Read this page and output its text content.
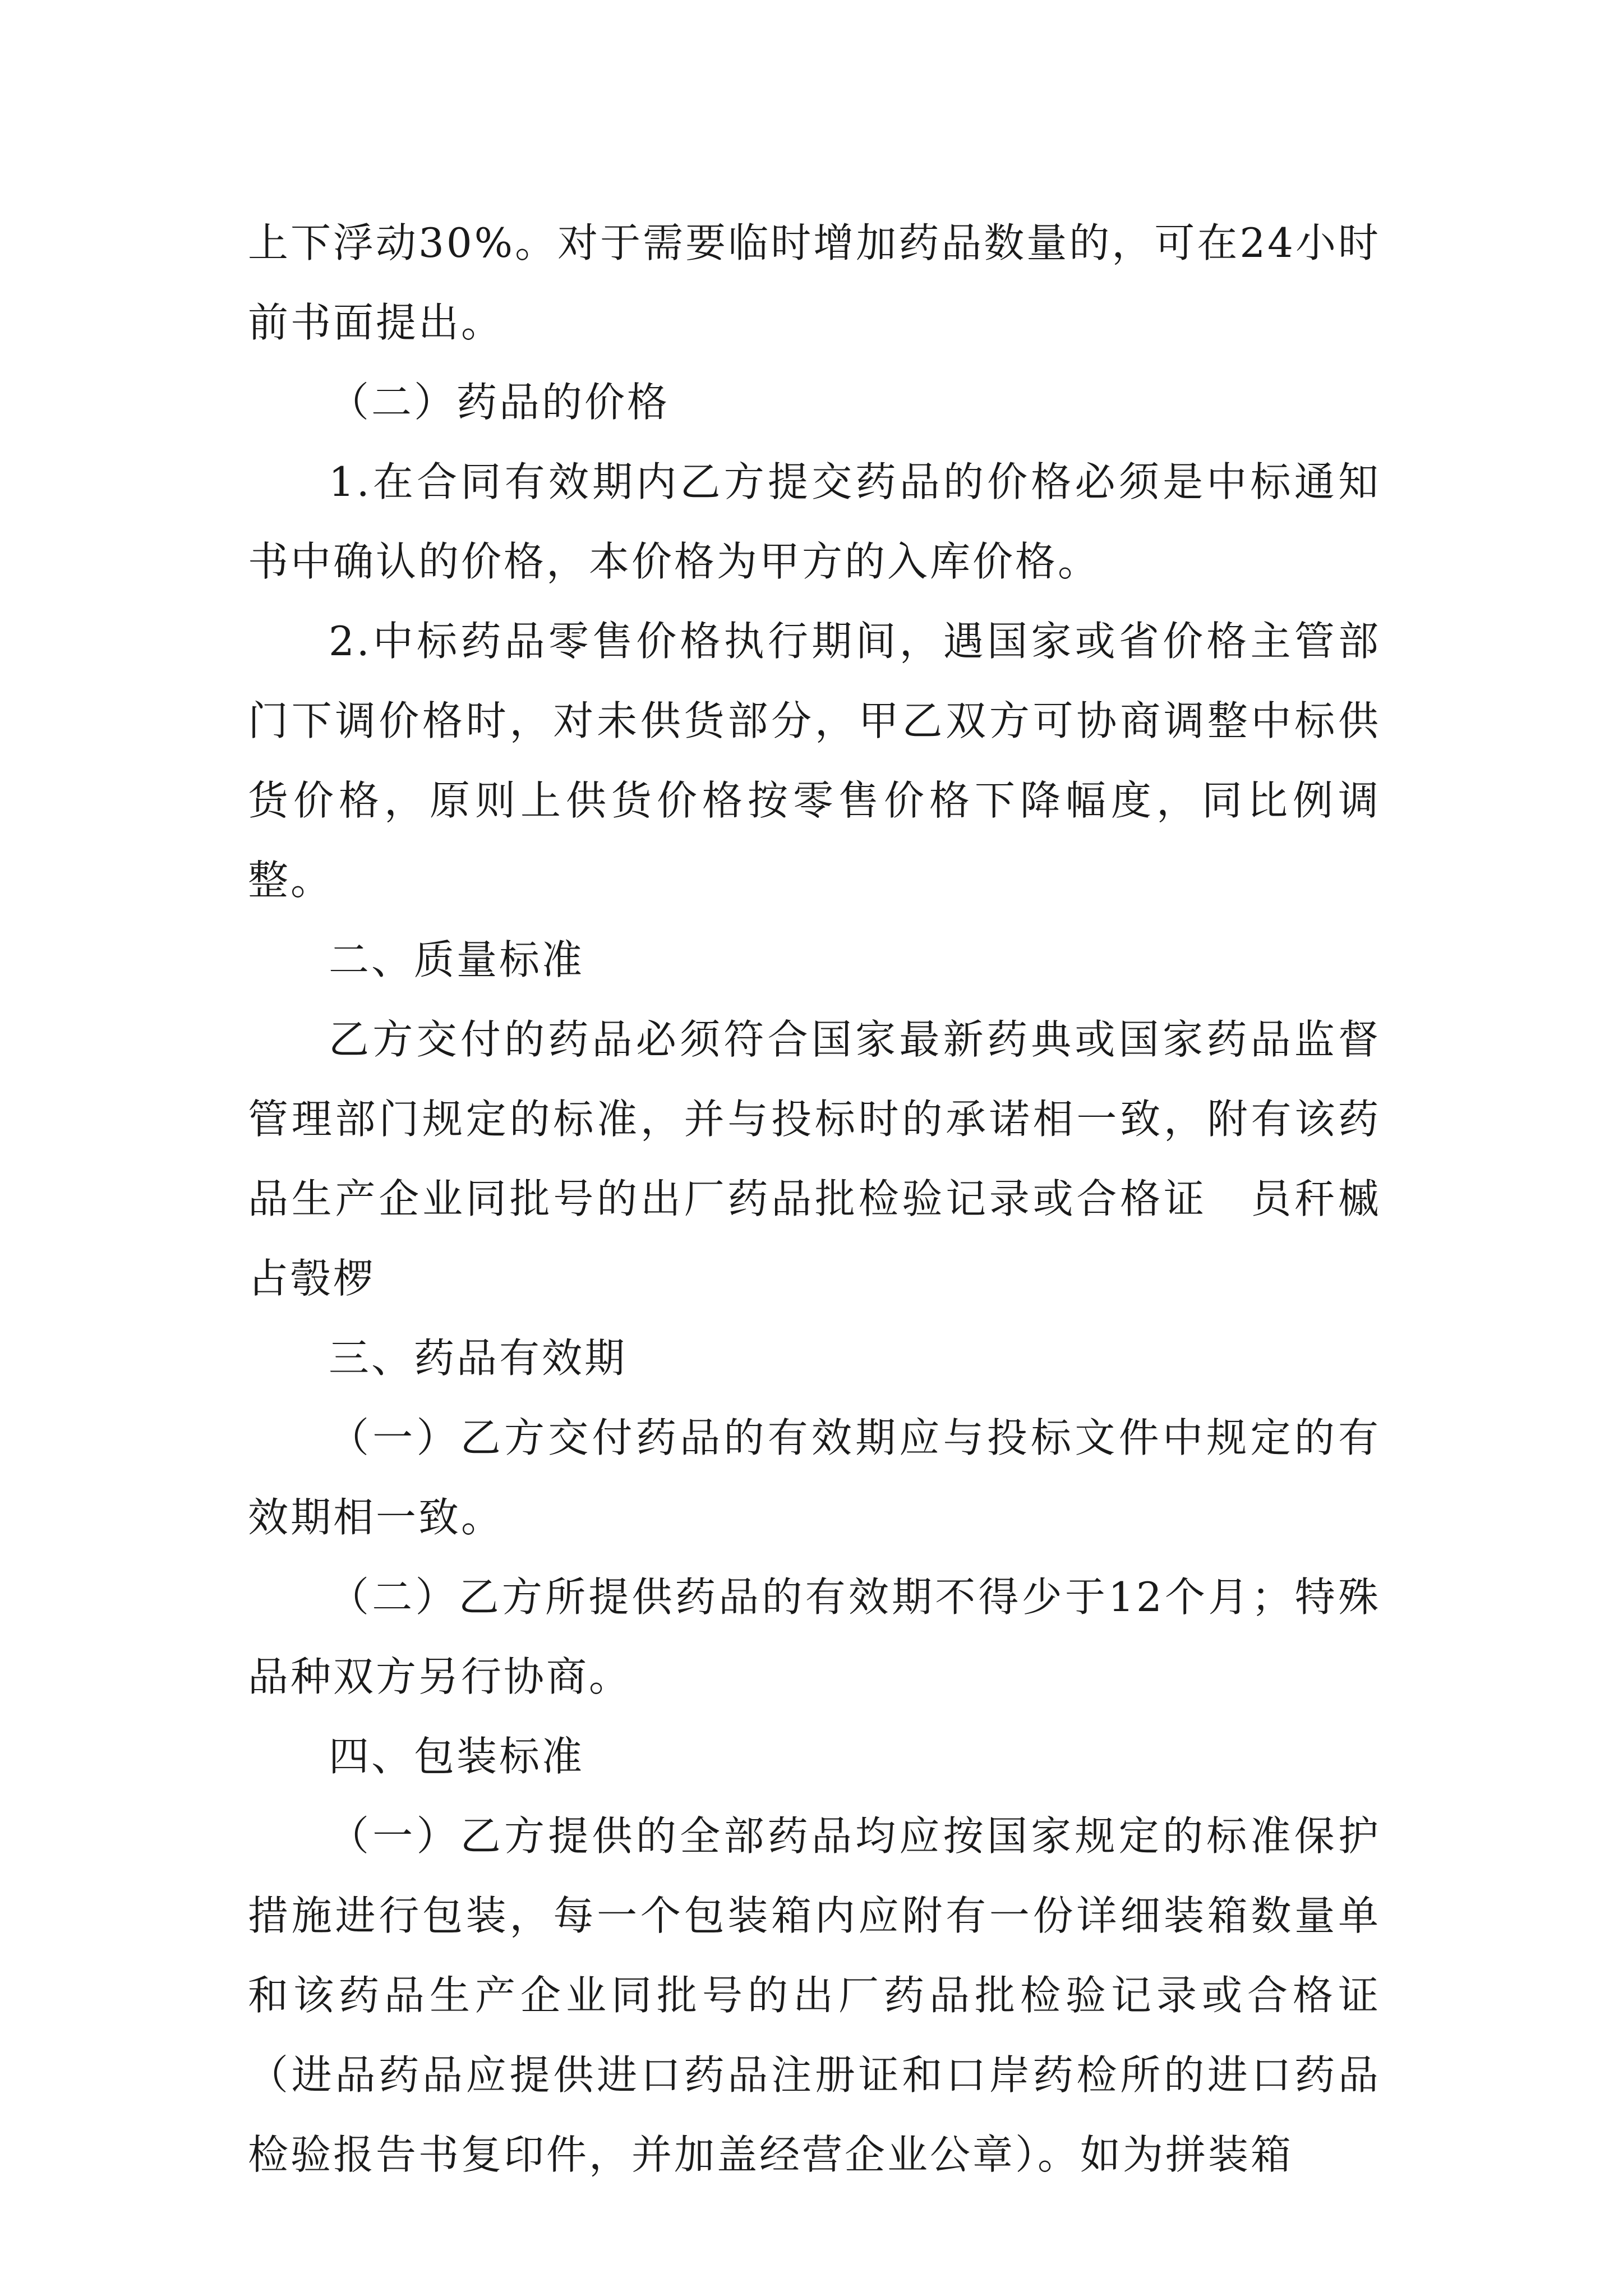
上下浮动30%。对于需要临时增加药品数量的，可在24小时前书面提出。

（二）药品的价格

1.在合同有效期内乙方提交药品的价格必须是中标通知书中确认的价格，本价格为甲方的入库价格。

2.中标药品零售价格执行期间，遇国家或省价格主管部门下调价格时，对未供货部分，甲乙双方可协商调整中标供货价格，原则上供货价格按零售价格下降幅度，同比例调整。

二、质量标准

乙方交付的药品必须符合国家最新药典或国家药品监督管理部门规定的标准，并与投标时的承诺相一致，附有该药品生产企业同批号的出厂药品批检验记录或合格证　员秆槭占彀椤

三、药品有效期

（一）乙方交付药品的有效期应与投标文件中规定的有效期相一致。

（二）乙方所提供药品的有效期不得少于12个月；特殊品种双方另行协商。

四、包装标准

（一）乙方提供的全部药品均应按国家规定的标准保护措施进行包装，每一个包装箱内应附有一份详细装箱数量单和该药品生产企业同批号的出厂药品批检验记录或合格证（进品药品应提供进口药品注册证和口岸药检所的进口药品检验报告书复印件，并加盖经营企业公章）。如为拼装箱
